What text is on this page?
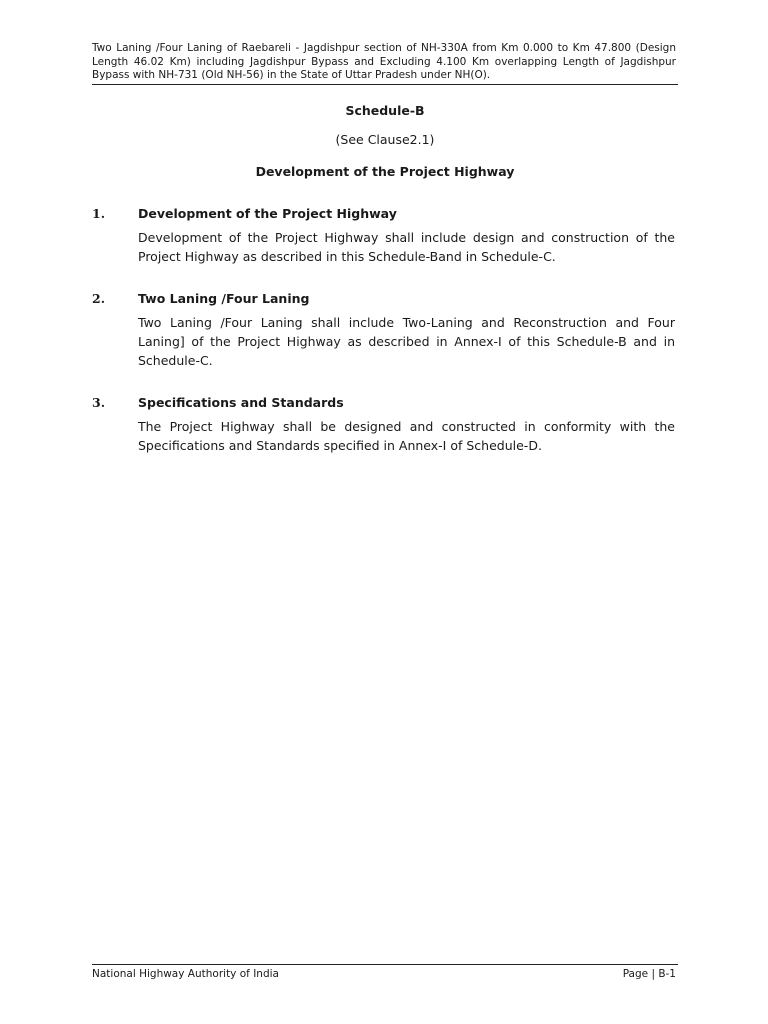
Two Laning /Four Laning of Raebareli - Jagdishpur section of NH-330A from Km 0.000 to Km 47.800 (Design Length 46.02 Km) including Jagdishpur Bypass and Excluding 4.100 Km overlapping Length of Jagdishpur Bypass with NH-731 (Old NH-56) in the State of Uttar Pradesh under NH(O).
Schedule-B
(See Clause2.1)
Development of the Project Highway
1.	Development of the Project Highway
Development of the Project Highway shall include design and construction of the Project Highway as described in this Schedule-Band in Schedule-C.
2.	Two Laning /Four Laning
Two Laning /Four Laning shall include Two-Laning and Reconstruction and Four Laning] of the Project Highway as described in Annex-I of this Schedule-B and in Schedule-C.
3.	Specifications and Standards
The Project Highway shall be designed and constructed in conformity with the Specifications and Standards specified in Annex-I of Schedule-D.
National Highway Authority of India	Page | B-1
